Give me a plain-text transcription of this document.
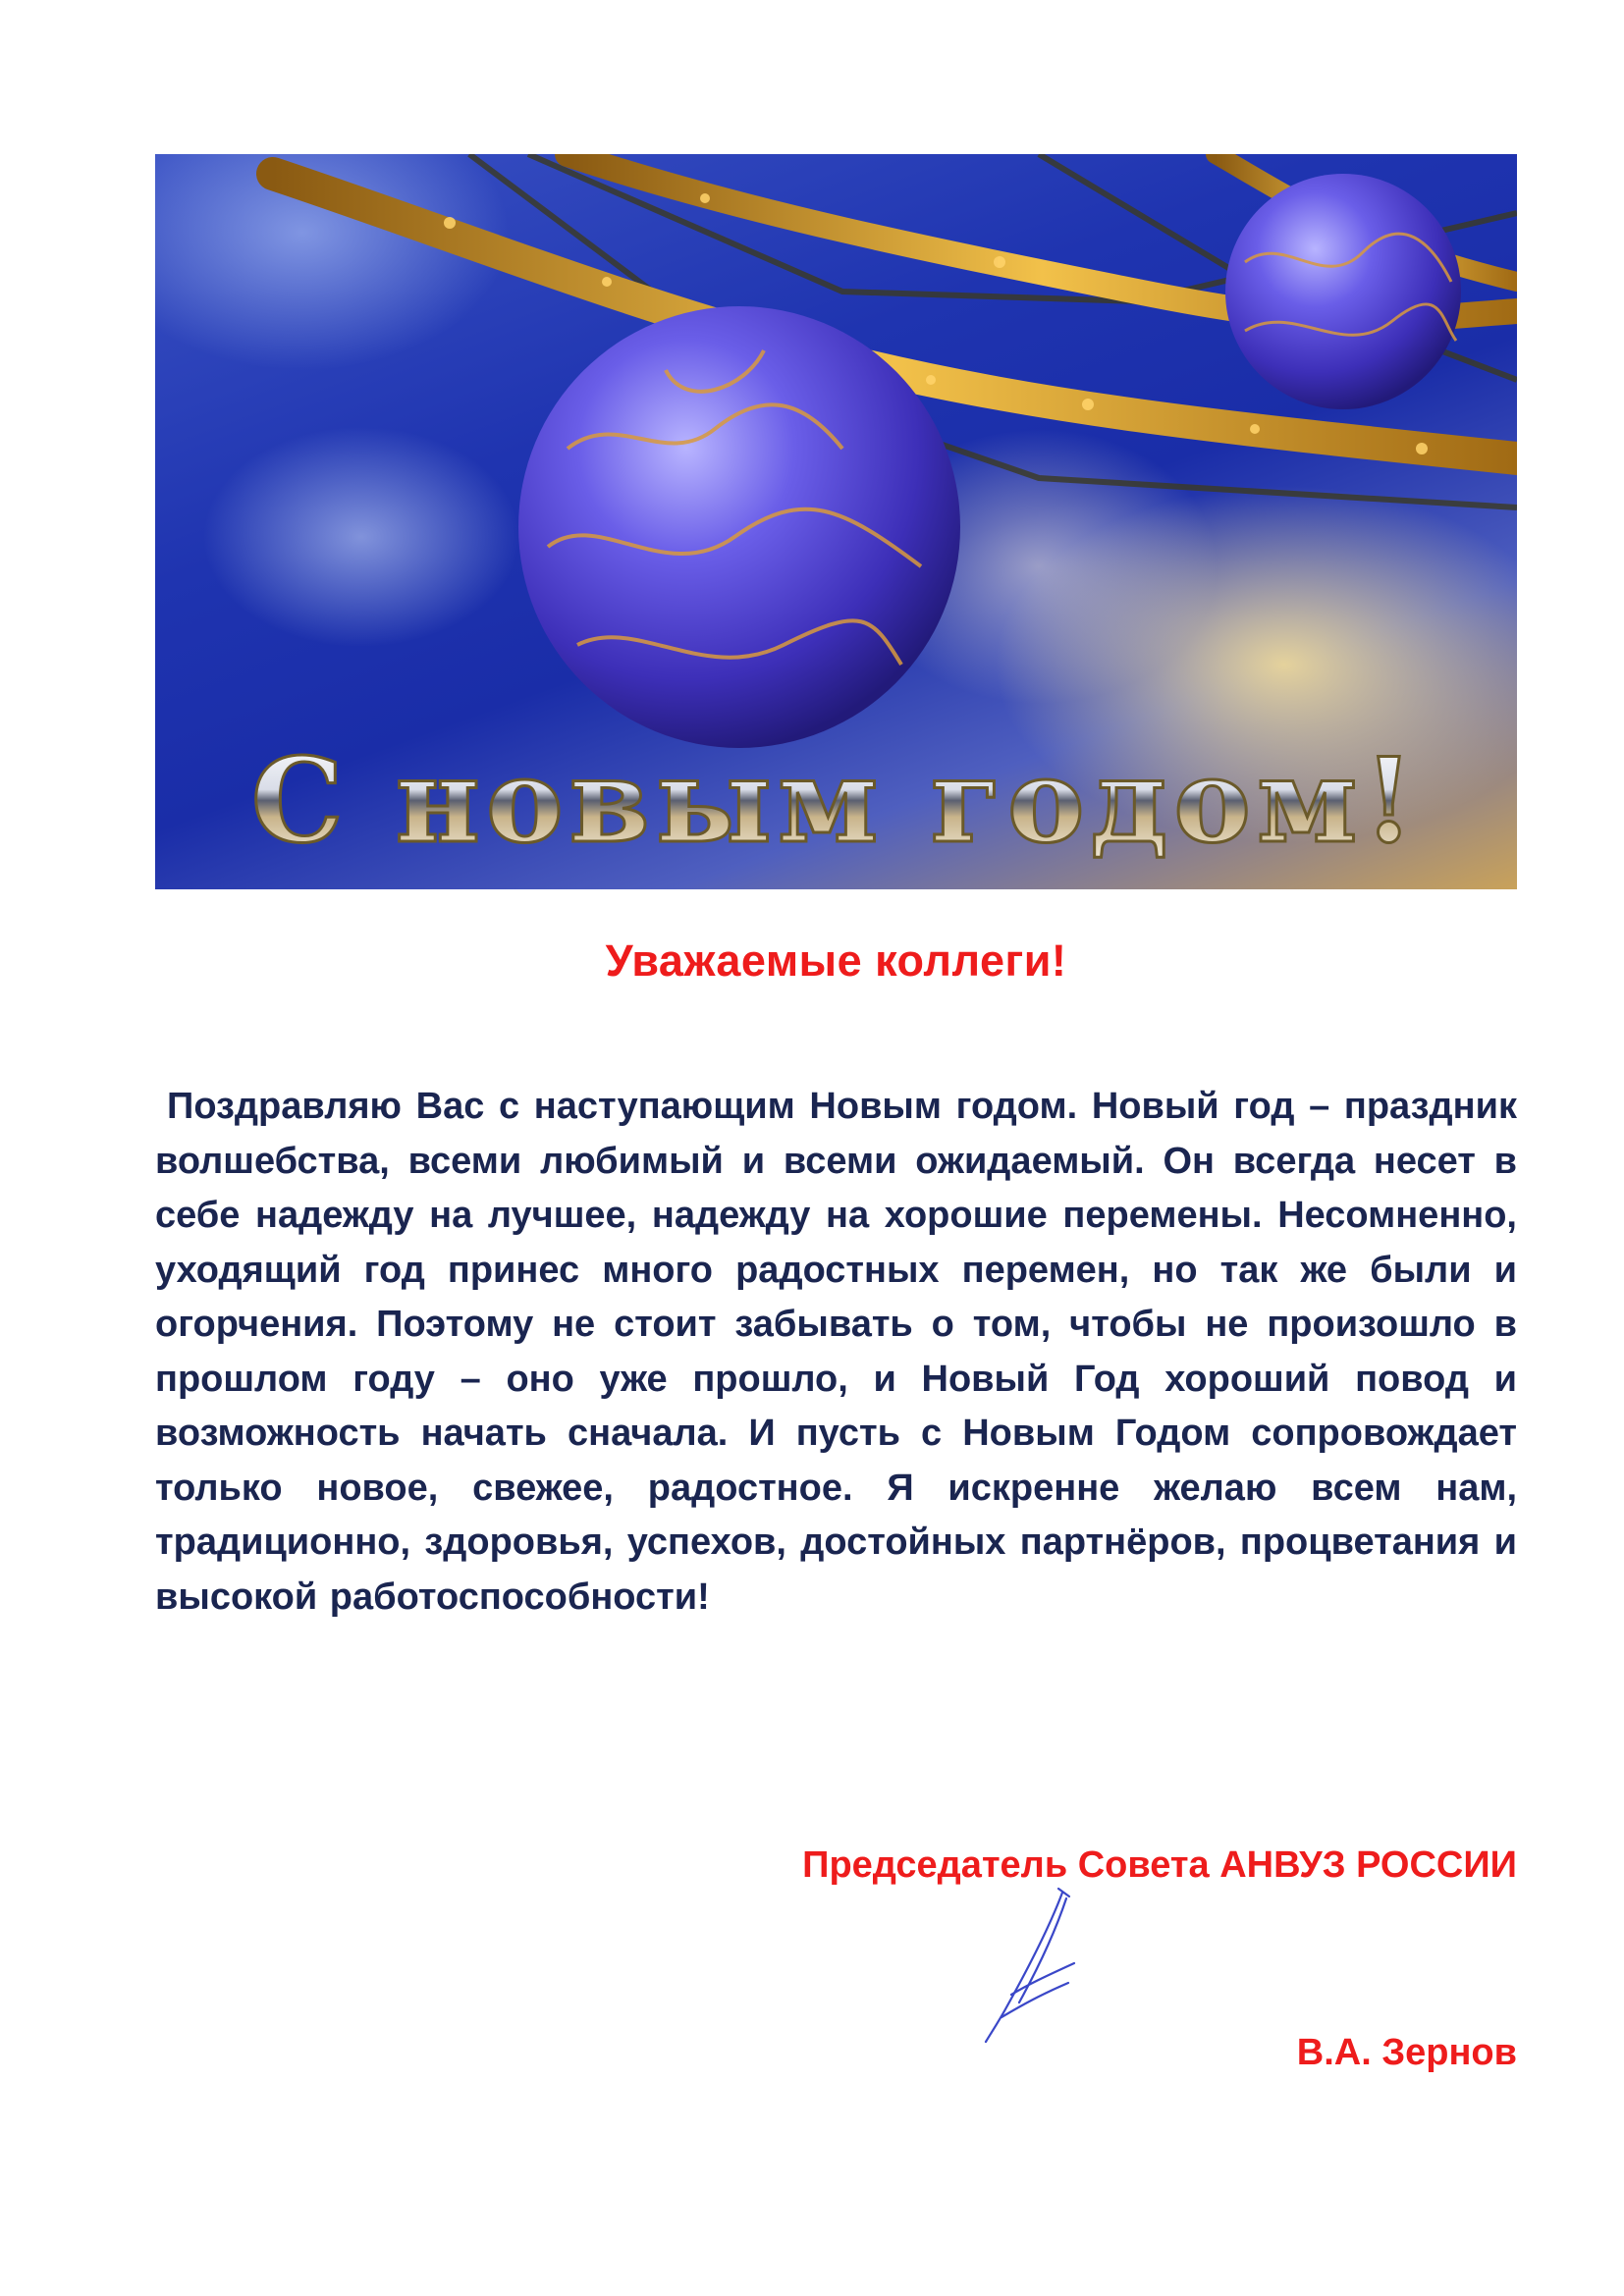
С новым годом!
Уважаемые коллеги!
Поздравляю Вас с наступающим Новым годом. Новый год – праздник волшебства, всеми любимый и всеми ожидаемый. Он всегда несет в себе надежду на лучшее, надежду на хорошие перемены. Несомненно, уходящий год принес много радостных перемен, но так же были и огорчения. Поэтому не стоит забывать о том, чтобы не произошло в прошлом году – оно уже прошло, и Новый Год хороший повод и возможность начать сначала. И пусть с Новым Годом сопровождает только новое, свежее, радостное. Я искренне желаю всем нам, традиционно, здоровья, успехов, достойных партнёров, процветания и высокой работоспособности!
Председатель Совета АНВУЗ РОССИИ
В.А. Зернов
